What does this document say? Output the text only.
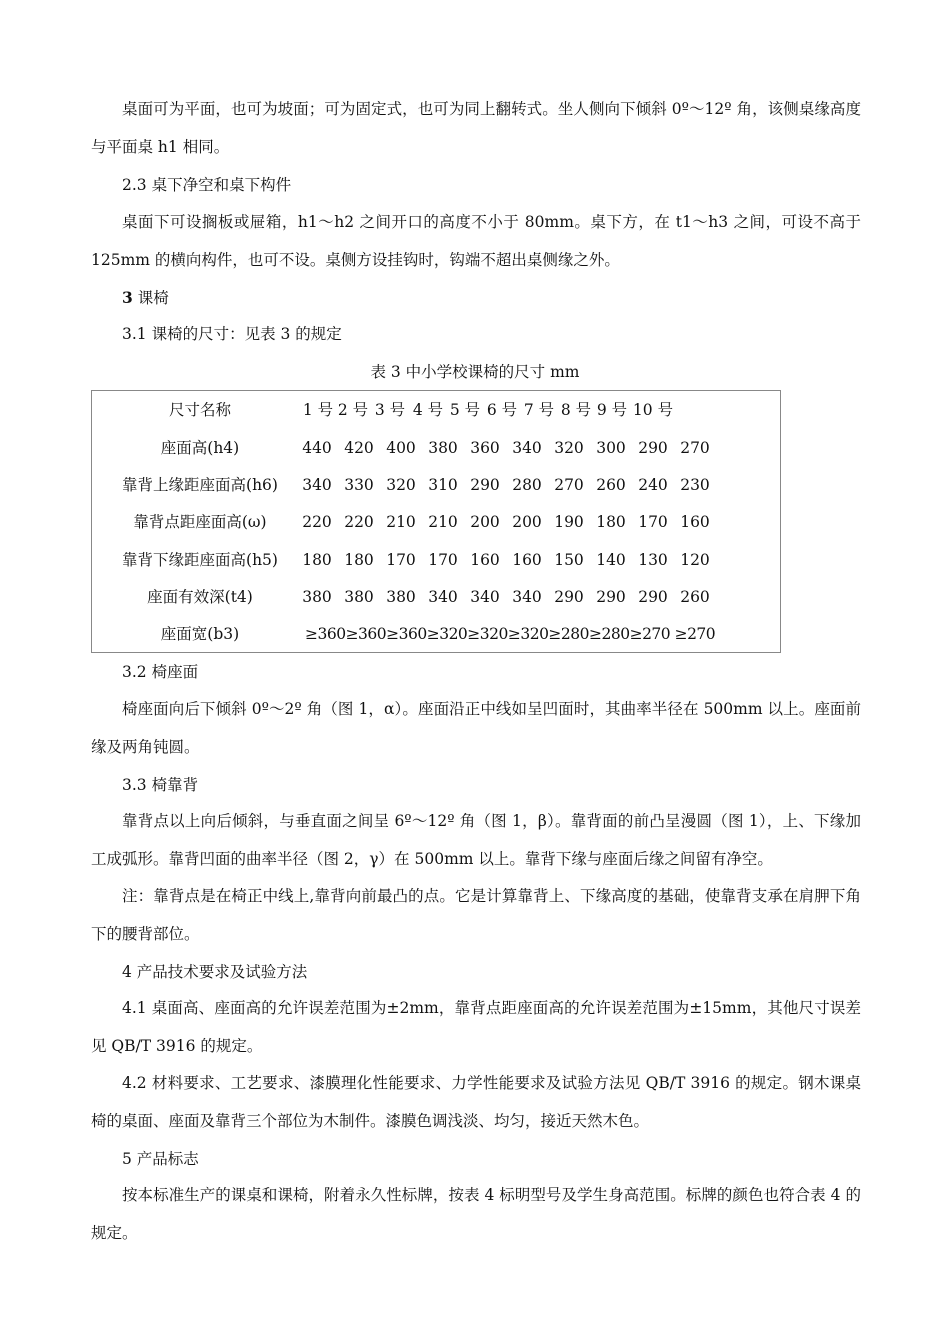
桌面可为平面，也可为坡面；可为固定式，也可为同上翻转式。坐人侧向下倾斜 0º～12º 角，该侧桌缘高度与平面桌 h1 相同。

2.3 桌下净空和桌下构件

桌面下可设搁板或屉箱，h1～h2 之间开口的高度不小于 80mm。桌下方，在 t1～h3 之间，可设不高于 125mm 的横向构件，也可不设。桌侧方设挂钩时，钩端不超出桌侧缘之外。

3 课椅
3.1 课椅的尺寸：见表 3 的规定
表 3 中小学校课椅的尺寸 mm
尺寸名称	1 号 2 号 3 号 4 号 5 号 6 号 7 号 8 号 9 号 10 号
座面高(h4)	440 420 400 380 360 340 320 300 290 270
靠背上缘距座面高(h6)	340 330 320 310 290 280 270 260 240 230
靠背点距座面高(ω)	220 220 210 210 200 200 190 180 170 160
靠背下缘距座面高(h5)	180 180 170 170 160 160 150 140 130 120
座面有效深(t4)	380 380 380 340 340 340 290 290 290 260
座面宽(b3)	≥360≥360≥360≥320≥320≥320≥280≥280≥270 ≥270
3.2 椅座面

椅座面向后下倾斜 0º～2º 角（图 1，α）。座面沿正中线如呈凹面时，其曲率半径在 500mm 以上。座面前缘及两角钝圆。

3.3 椅靠背

靠背点以上向后倾斜，与垂直面之间呈 6º～12º 角（图 1，β）。靠背面的前凸呈漫圆（图 1），上、下缘加工成弧形。靠背凹面的曲率半径（图 2，γ）在 500mm 以上。靠背下缘与座面后缘之间留有净空。

注：靠背点是在椅正中线上,靠背向前最凸的点。它是计算靠背上、下缘高度的基础，使靠背支承在肩胛下角下的腰背部位。

4 产品技术要求及试验方法

4.1 桌面高、座面高的允许误差范围为±2mm，靠背点距座面高的允许误差范围为±15mm，其他尺寸误差见 QB/T 3916 的规定。

4.2 材料要求、工艺要求、漆膜理化性能要求、力学性能要求及试验方法见 QB/T 3916 的规定。钢木课桌椅的桌面、座面及靠背三个部位为木制件。漆膜色调浅淡、均匀，接近天然木色。

5 产品标志

按本标准生产的课桌和课椅，附着永久性标牌，按表 4 标明型号及学生身高范围。标牌的颜色也符合表 4 的规定。
